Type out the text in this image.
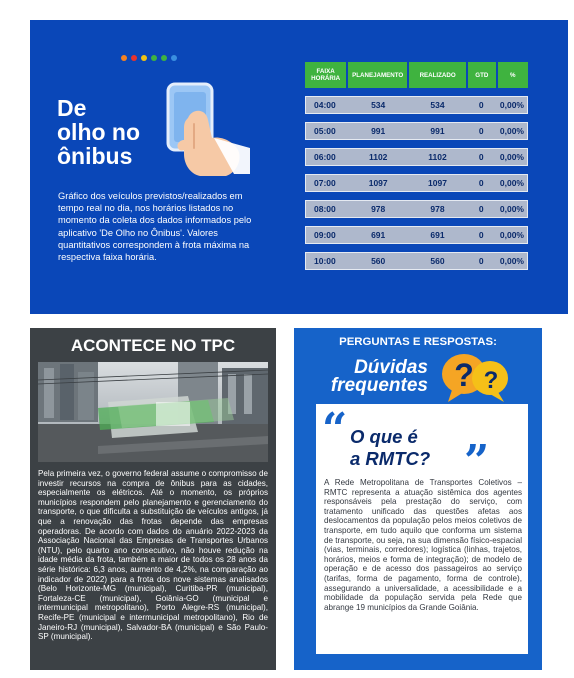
De
olho no
ônibus

Gráfico dos veículos previstos/realizados em tempo real no dia, nos horários listados no momento da coleta dos dados informados pelo aplicativo 'De Olho no Ônibus'. Valores quantitativos correspondem à frota máxima na respectiva faixa horária.

FAIXA HORÁRIA	PLANEJAMENTO	REALIZADO	GTD	%
04:00	534	534	0	0,00%
05:00	991	991	0	0,00%
06:00	1102	1102	0	0,00%
07:00	1097	1097	0	0,00%
08:00	978	978	0	0,00%
09:00	691	691	0	0,00%
10:00	560	560	0	0,00%
ACONTECE NO TPC

Pela primeira vez, o governo federal assume o compromisso de investir recursos na compra de ônibus para as cidades, especialmente os elétricos. Até o momento, os próprios municípios respondem pelo planejamento e gerenciamento do transporte, o que dificulta a substituição de veículos antigos, já que a renovação das frotas depende das empresas operadoras. De acordo com dados do anuário 2022-2023 da Associação Nacional das Empresas de Transportes Urbanos (NTU), pelo quarto ano consecutivo, não houve redução na idade média da frota, também a maior de todos os 28 anos da série histórica: 6,3 anos, aumento de 4,2%, na comparação ao indicador de 2022) para a frota dos nove sistemas analisados (Belo Horizonte-MG (municipal), Curitiba-PR (municipal), Fortaleza-CE (municipal), Goiânia-GO (municipal e intermunicipal metropolitano), Porto Alegre-RS (municipal), Recife-PE (municipal e intermunicipal metropolitano), Rio de Janeiro-RJ (municipal), Salvador-BA (municipal) e São Paulo-SP (municipal).

PERGUNTAS E RESPOSTAS:
Dúvidas
frequentes ? ?
“ O que é
a RMTC? ”

A Rede Metropolitana de Transportes Coletivos – RMTC representa a atuação sistêmica dos agentes responsáveis pela prestação do serviço, com tratamento unificado das questões afetas aos deslocamentos da população pelos meios coletivos de transporte, em tudo aquilo que conforma um sistema de transporte, ou seja, na sua dimensão físico-espacial (vias, terminais, corredores); logística (linhas, trajetos, horários, meios e forma de integração); de modelo de operação e de acesso dos passageiros ao serviço (tarifas, forma de pagamento, forma de controle), assegurando a universalidade, a acessibilidade e a mobilidade da população servida pela Rede que abrange 19 municípios da Grande Goiânia.
